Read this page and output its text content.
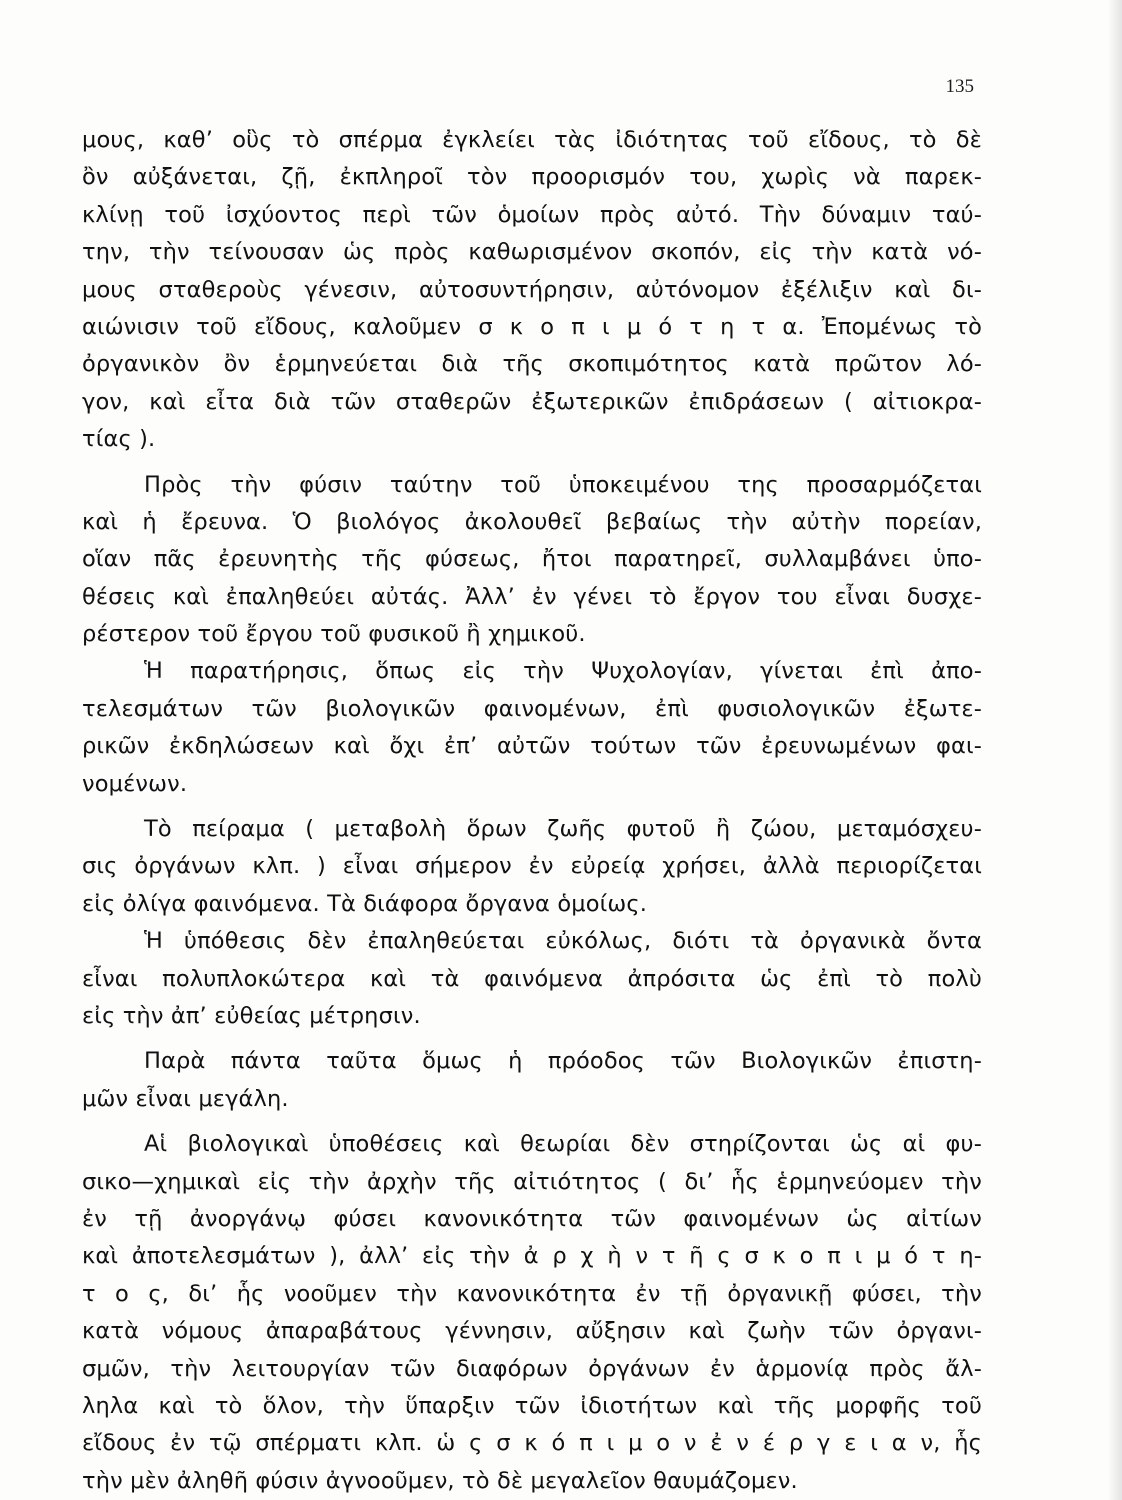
135
μους, καθ’ οὓς τὸ σπέρμα ἐγκλείει τὰς ἰδιότητας τοῦ εἴδους, τὸ δὲ
ὂν αὐξάνεται, ζῇ, ἐκπληροῖ τὸν προορισμόν του, χωρὶς νὰ παρεκ-
κλίνῃ τοῦ ἰσχύοντος περὶ τῶν ὁμοίων πρὸς αὐτό. Τὴν δύναμιν ταύ-
την, τὴν τείνουσαν ὡς πρὸς καθωρισμένον σκοπόν, εἰς τὴν κατὰ νό-
μους σταθεροὺς γένεσιν, αὐτοσυντήρησιν, αὐτόνομον ἐξέλιξιν καὶ δι-
αιώνισιν τοῦ εἴδους, καλοῦμεν σ κ ο π ι μ ό τ η τ α. Ἐπομένως τὸ
ὀργανικὸν ὂν ἑρμηνεύεται διὰ τῆς σκοπιμότητος κατὰ πρῶτον λό-
γον, καὶ εἶτα διὰ τῶν σταθερῶν ἐξωτερικῶν ἐπιδράσεων ( αἰτιοκρα-
τίας ).
Πρὸς τὴν φύσιν ταύτην τοῦ ὑποκειμένου της προσαρμόζεται
καὶ ἡ ἔρευνα. Ὁ βιολόγος ἀκολουθεῖ βεβαίως τὴν αὐτὴν πορείαν,
οἵαν πᾶς ἐρευνητὴς τῆς φύσεως, ἤτοι παρατηρεῖ, συλλαμβάνει ὑπο-
θέσεις καὶ ἐπαληθεύει αὐτάς. Ἀλλ’ ἐν γένει τὸ ἔργον του εἶναι δυσχε-
ρέστερον τοῦ ἔργου τοῦ φυσικοῦ ἢ χημικοῦ.
Ἡ παρατήρησις, ὅπως εἰς τὴν Ψυχολογίαν, γίνεται ἐπὶ ἀπο-
τελεσμάτων τῶν βιολογικῶν φαινομένων, ἐπὶ φυσιολογικῶν ἐξωτε-
ρικῶν ἐκδηλώσεων καὶ ὄχι ἐπ’ αὐτῶν τούτων τῶν ἐρευνωμένων φαι-
νομένων.
Τὸ πείραμα ( μεταβολὴ ὅρων ζωῆς φυτοῦ ἢ ζώου, μεταμόσχευ-
σις ὀργάνων κλπ. ) εἶναι σήμερον ἐν εὐρείᾳ χρήσει, ἀλλὰ περιορίζεται
εἰς ὀλίγα φαινόμενα. Τὰ διάφορα ὄργανα ὁμοίως.
Ἡ ὑπόθεσις δὲν ἐπαληθεύεται εὐκόλως, διότι τὰ ὀργανικὰ ὄντα
εἶναι πολυπλοκώτερα καὶ τὰ φαινόμενα ἀπρόσιτα ὡς ἐπὶ τὸ πολὺ
εἰς τὴν ἀπ’ εὐθείας μέτρησιν.
Παρὰ πάντα ταῦτα ὅμως ἡ πρόοδος τῶν Βιολογικῶν ἐπιστη-
μῶν εἶναι μεγάλη.
Αἱ βιολογικαὶ ὑποθέσεις καὶ θεωρίαι δὲν στηρίζονται ὡς αἱ φυ-
σικο—χημικαὶ εἰς τὴν ἀρχὴν τῆς αἰτιότητος ( δι’ ἧς ἑρμηνεύομεν τὴν
ἐν τῇ ἀνοργάνῳ φύσει κανονικότητα τῶν φαινομένων ὡς αἰτίων
καὶ ἀποτελεσμάτων ), ἀλλ’ εἰς τὴν ἀ ρ χ ὴ ν τ ῆ ς σ κ ο π ι μ ό τ η-
τ ο ς, δι’ ἧς νοοῦμεν τὴν κανονικότητα ἐν τῇ ὀργανικῇ φύσει, τὴν
κατὰ νόμους ἀπαραβάτους γέννησιν, αὔξησιν καὶ ζωὴν τῶν ὀργανι-
σμῶν, τὴν λειτουργίαν τῶν διαφόρων ὀργάνων ἐν ἁρμονίᾳ πρὸς ἄλ-
ληλα καὶ τὸ ὅλον, τὴν ὕπαρξιν τῶν ἰδιοτήτων καὶ τῆς μορφῆς τοῦ
εἴδους ἐν τῷ σπέρματι κλπ. ὡ ς σ κ ό π ι μ ο ν ἐ ν έ ρ γ ε ι α ν, ἧς
τὴν μὲν ἀληθῆ φύσιν ἀγνοοῦμεν, τὸ δὲ μεγαλεῖον θαυμάζομεν.
